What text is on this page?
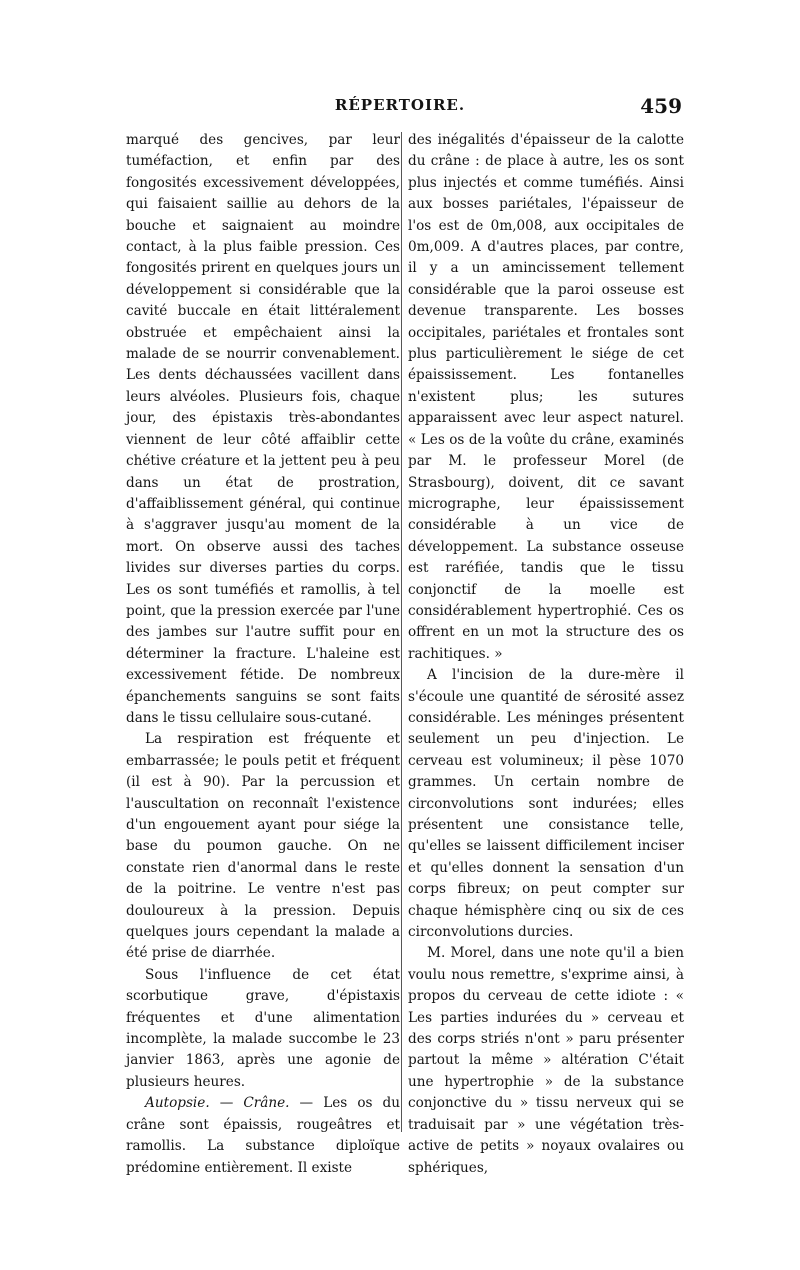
RÉPERTOIRE.	459

marqué des gencives, par leur tuméfaction, et enfin par des fongosités excessivement développées, qui faisaient saillie au dehors de la bouche et saignaient au moindre contact, à la plus faible pression. Ces fongosités prirent en quelques jours un développement si considérable que la cavité buccale en était littéralement obstruée et empêchaient ainsi la malade de se nourrir convenablement. Les dents déchaussées vacillent dans leurs alvéoles. Plusieurs fois, chaque jour, des épistaxis très-abondantes viennent de leur côté affaiblir cette chétive créature et la jettent peu à peu dans un état de prostration, d'affaiblissement général, qui continue à s'aggraver jusqu'au moment de la mort. On observe aussi des taches livides sur diverses parties du corps. Les os sont tuméfiés et ramollis, à tel point, que la pression exercée par l'une des jambes sur l'autre suffit pour en déterminer la fracture. L'haleine est excessivement fétide. De nombreux épanchements sanguins se sont faits dans le tissu cellulaire sous-cutané.

La respiration est fréquente et embarrassée; le pouls petit et fréquent (il est à 90). Par la percussion et l'auscultation on reconnaît l'existence d'un engouement ayant pour siége la base du poumon gauche. On ne constate rien d'anormal dans le reste de la poitrine. Le ventre n'est pas douloureux à la pression. Depuis quelques jours cependant la malade a été prise de diarrhée.

Sous l'influence de cet état scorbutique grave, d'épistaxis fréquentes et d'une alimentation incomplète, la malade succombe le 23 janvier 1863, après une agonie de plusieurs heures.

Autopsie. — Crâne. — Les os du crâne sont épaissis, rougeâtres et ramollis. La substance diploïque prédomine entièrement. Il existe

des inégalités d'épaisseur de la calotte du crâne : de place à autre, les os sont plus injectés et comme tuméfiés. Ainsi aux bosses pariétales, l'épaisseur de l'os est de 0m,008, aux occipitales de 0m,009. A d'autres places, par contre, il y a un amincissement tellement considérable que la paroi osseuse est devenue transparente. Les bosses occipitales, pariétales et frontales sont plus particulièrement le siége de cet épaississement. Les fontanelles n'existent plus; les sutures apparaissent avec leur aspect naturel. « Les os de la voûte du crâne, examinés par M. le professeur Morel (de Strasbourg), doivent, dit ce savant micrographe, leur épaississement considérable à un vice de développement. La substance osseuse est raréfiée, tandis que le tissu conjonctif de la moelle est considérablement hypertrophié. Ces os offrent en un mot la structure des os rachitiques. »

A l'incision de la dure-mère il s'écoule une quantité de sérosité assez considérable. Les méninges présentent seulement un peu d'injection. Le cerveau est volumineux; il pèse 1070 grammes. Un certain nombre de circonvolutions sont indurées; elles présentent une consistance telle, qu'elles se laissent difficilement inciser et qu'elles donnent la sensation d'un corps fibreux; on peut compter sur chaque hémisphère cinq ou six de ces circonvolutions durcies.

M. Morel, dans une note qu'il a bien voulu nous remettre, s'exprime ainsi, à propos du cerveau de cette idiote : « Les parties indurées du » cerveau et des corps striés n'ont » paru présenter partout la même » altération C'était une hypertrophie » de la substance conjonctive du » tissu nerveux qui se traduisait par » une végétation très-active de petits » noyaux ovalaires ou sphériques,
